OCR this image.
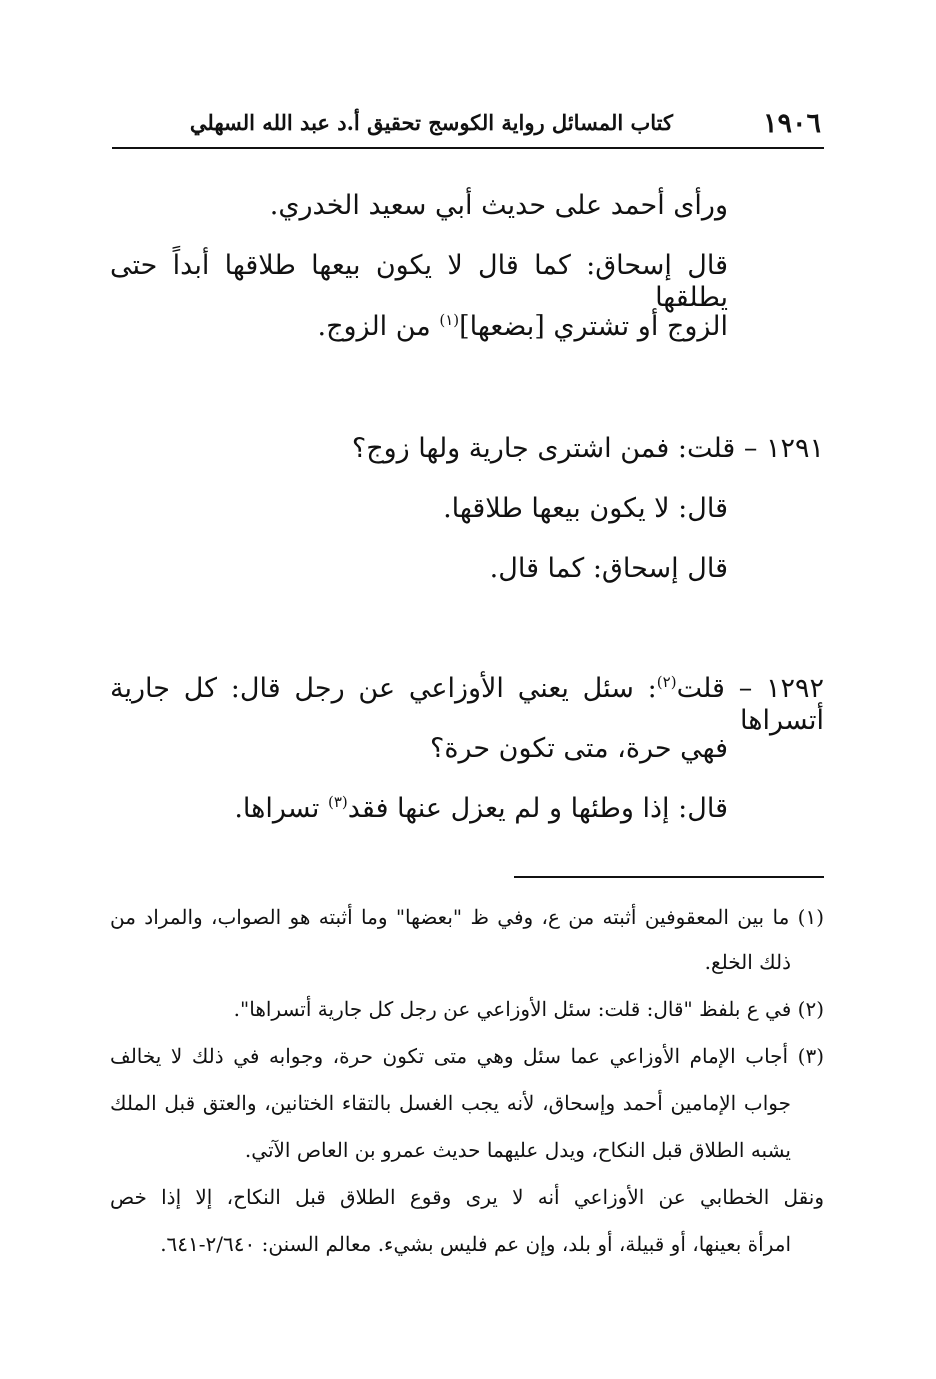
١٩٠٦
كتاب المسائل رواية الكوسج تحقيق أ.د عبد الله السهلي
ورأى أحمد على حديث أبي سعيد الخدري.
قال إسحاق: كما قال لا يكون بيعها طلاقها أبداً حتى يطلقها
الزوج أو تشتري [بضعها]$^{(١)}$ من الزوج.
١٢٩١ – قلت: فمن اشترى جارية ولها زوج؟
قال: لا يكون بيعها طلاقها.
قال إسحاق: كما قال.
١٢٩٢ – قلت$^{(٢)}$: سئل يعني الأوزاعي عن رجل قال: كل جارية أتسراها
فهي حرة، متى تكون حرة؟
قال: إذا وطئها و لم يعزل عنها فقد$^{(٣)}$ تسراها.
(١) ما بين المعقوفين أثبته من ع، وفي ظ "بعضها" وما أثبته هو الصواب، والمراد من
ذلك الخلع.
(٢) في ع بلفظ "قال: قلت: سئل الأوزاعي عن رجل كل جارية أتسراها".
(٣) أجاب الإمام الأوزاعي عما سئل وهي متى تكون حرة، وجوابه في ذلك لا يخالف
جواب الإمامين أحمد وإسحاق، لأنه يجب الغسل بالتقاء الختانين، والعتق قبل الملك
يشبه الطلاق قبل النكاح، ويدل عليهما حديث عمرو بن العاص الآتي.
ونقل الخطابي عن الأوزاعي أنه لا يرى وقوع الطلاق قبل النكاح، إلا إذا خص
امرأة بعينها، أو قبيلة، أو بلد، وإن عم فليس بشيء. معالم السنن: ٢/٦٤٠-٦٤١.
